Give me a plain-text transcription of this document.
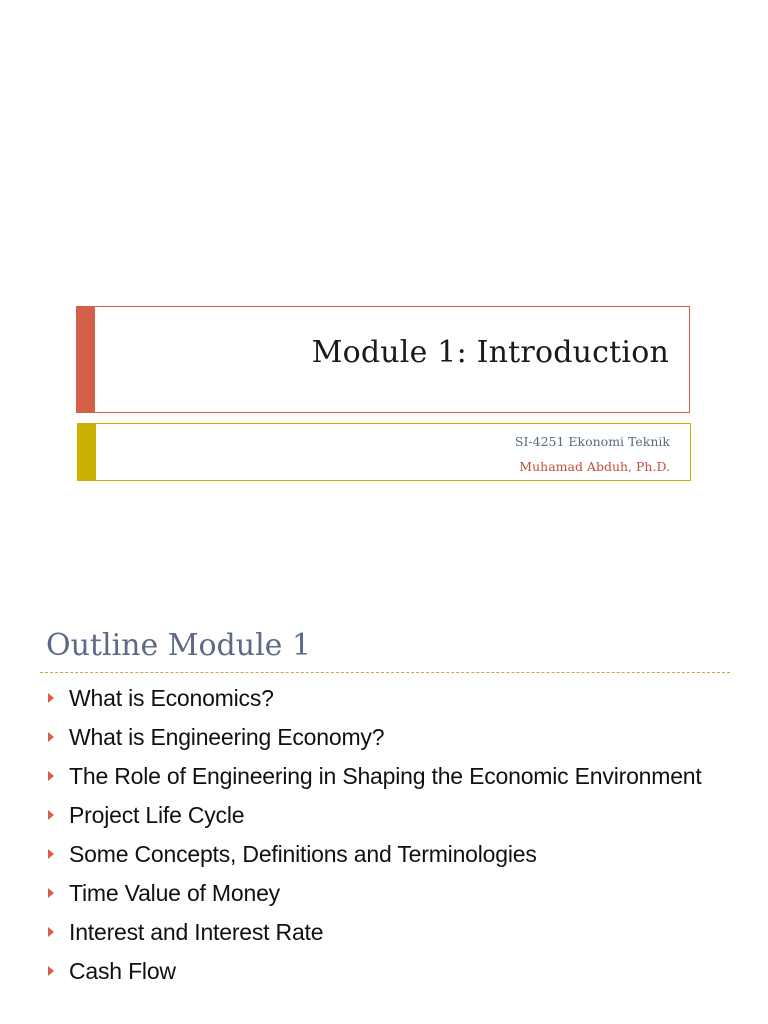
Module 1: Introduction
SI-4251 Ekonomi Teknik
Muhamad Abduh, Ph.D.
Outline Module 1
What is Economics?
What is Engineering Economy?
The Role of Engineering in Shaping the Economic Environment
Project Life Cycle
Some Concepts, Definitions and Terminologies
Time Value of Money
Interest and Interest Rate
Cash Flow
